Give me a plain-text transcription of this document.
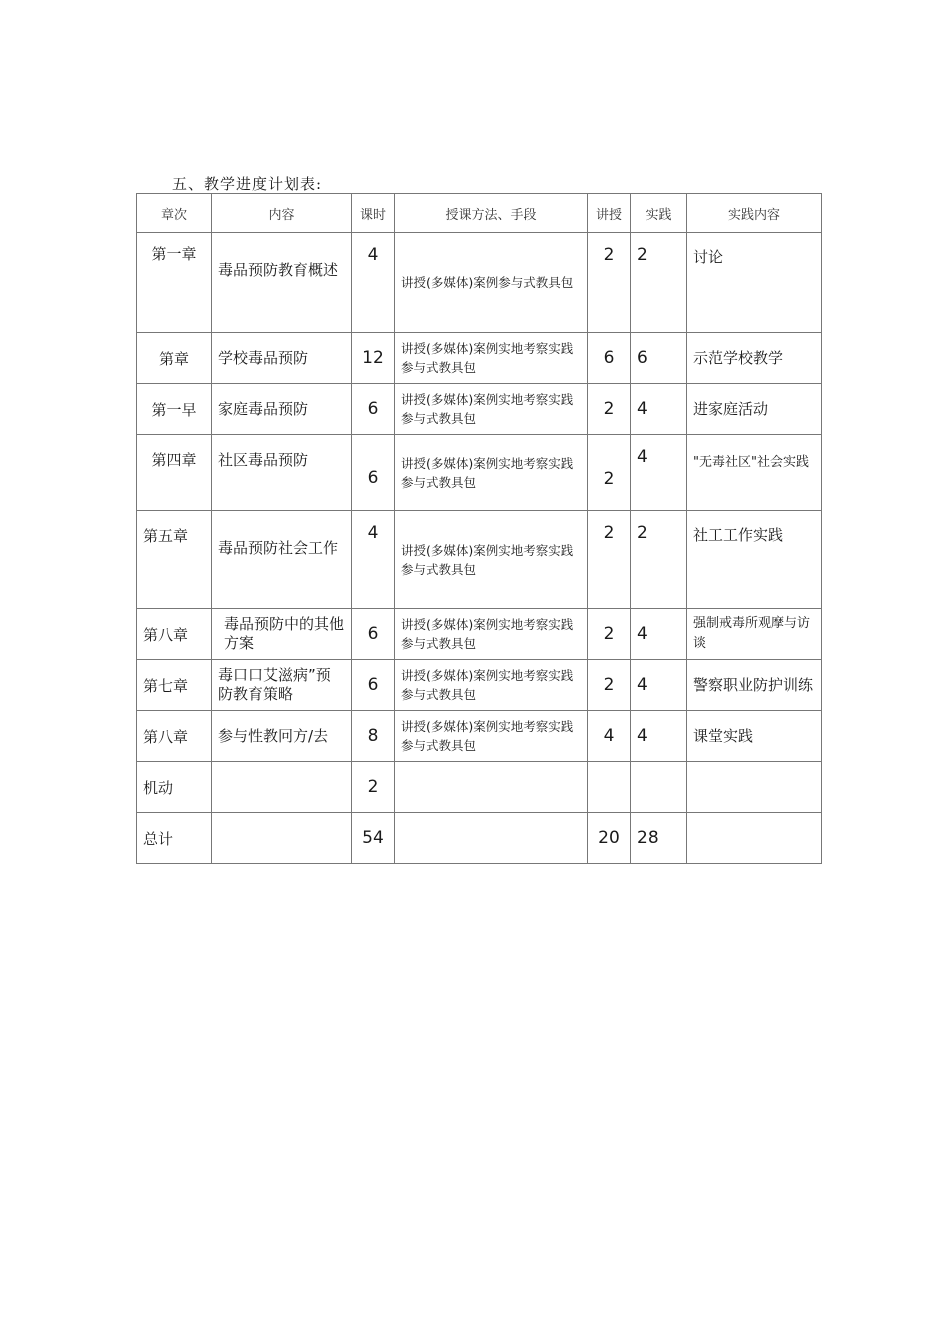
五、教学进度计划表:
章次	内容	课时	授课方法、手段	讲授	实践	实践内容
第一章	毒品预防教育概述	4	讲授(多媒体)案例参与式教具包	2	2	讨论
第章	学校毒品预防	12	讲授(多媒体)案例实地考察实践参与式教具包	6	6	示范学校教学
第一早	家庭毒品预防	6	讲授(多媒体)案例实地考察实践参与式教具包	2	4	进家庭活动
第四章	社区毒品预防	6	讲授(多媒体)案例实地考察实践参与式教具包	2	4	"无毒社区"社会实践
第五章	毒品预防社会工作	4	讲授(多媒体)案例实地考察实践参与式教具包	2	2	社工工作实践
第八章	毒品预防中的其他方案	6	讲授(多媒体)案例实地考察实践参与式教具包	2	4	强制戒毒所观摩与访谈
第七章	毒口口艾滋病”预防教育策略	6	讲授(多媒体)案例实地考察实践参与式教具包	2	4	警察职业防护训练
第八章	参与性教冋方/去	8	讲授(多媒体)案例实地考察实践参与式教具包	4	4	课堂实践
机动		2				
总计		54		20	28	
